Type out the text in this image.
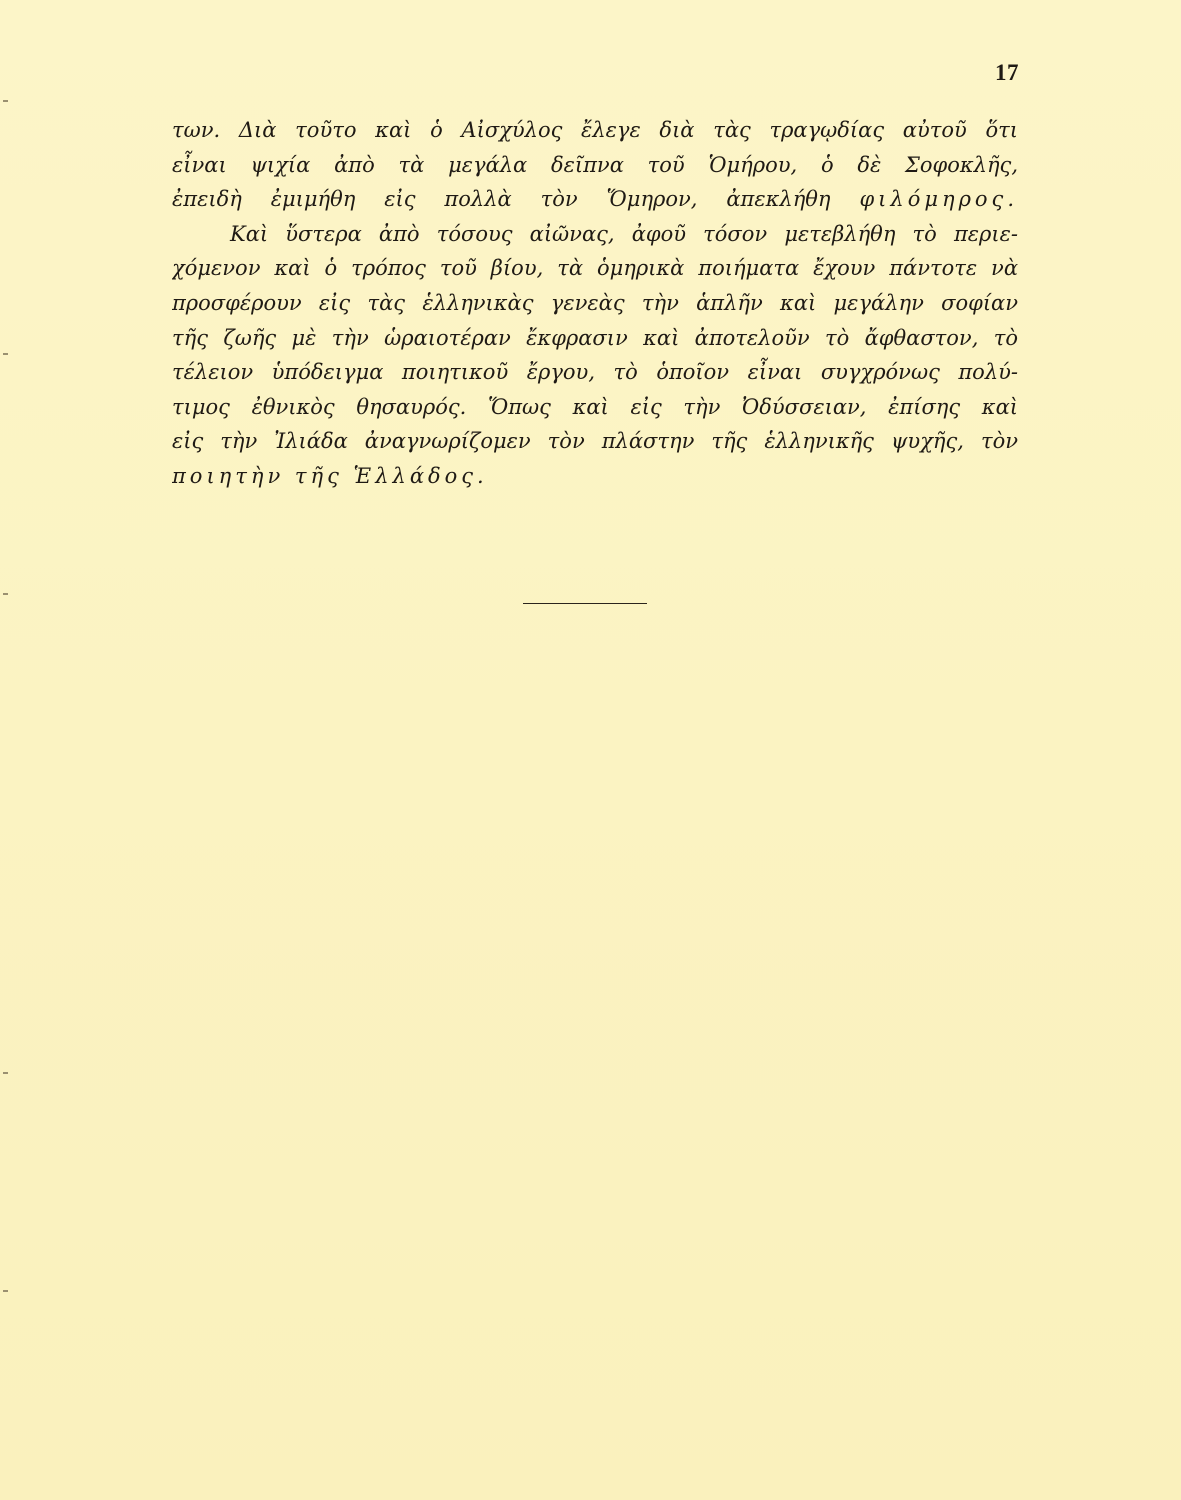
17
των. Διὰ τοῦτο καὶ ὁ Αἰσχύλος ἔλεγε διὰ τὰς τραγῳδίας αὐτοῦ ὅτι
εἶναι ψιχία ἀπὸ τὰ μεγάλα δεῖπνα τοῦ Ὁμήρου, ὁ δὲ Σοφοκλῆς,
ἐπειδὴ ἐμιμήθη εἰς πολλὰ τὸν Ὅμηρον, ἀπεκλήθη φιλόμηρος.
Καὶ ὕστερα ἀπὸ τόσους αἰῶνας, ἀφοῦ τόσον μετεβλήθη τὸ περιε-
χόμενον καὶ ὁ τρόπος τοῦ βίου, τὰ ὁμηρικὰ ποιήματα ἔχουν πάντοτε νὰ
προσφέρουν εἰς τὰς ἑλληνικὰς γενεὰς τὴν ἁπλῆν καὶ μεγάλην σοφίαν
τῆς ζωῆς μὲ τὴν ὡραιοτέραν ἔκφρασιν καὶ ἀποτελοῦν τὸ ἄφθαστον, τὸ
τέλειον ὑπόδειγμα ποιητικοῦ ἔργου, τὸ ὁποῖον εἶναι συγχρόνως πολύ-
τιμος ἐθνικὸς θησαυρός. Ὅπως καὶ εἰς τὴν Ὀδύσσειαν, ἐπίσης καὶ
εἰς τὴν Ἰλιάδα ἀναγνωρίζομεν τὸν πλάστην τῆς ἑλληνικῆς ψυχῆς, τὸν
ποιητὴν τῆς Ἑλλάδος.
